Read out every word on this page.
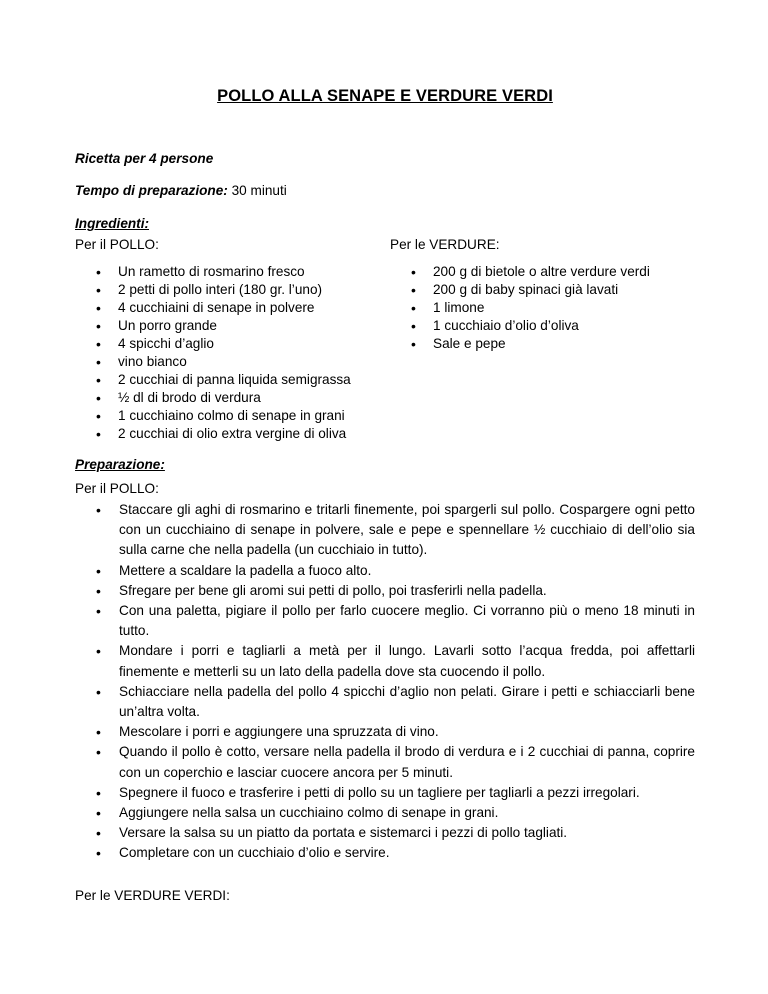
POLLO ALLA SENAPE E VERDURE VERDI
Ricetta per 4 persone
Tempo di preparazione: 30 minuti
Ingredienti:
Per il POLLO:
• Un rametto di rosmarino fresco
• 2 petti di pollo interi (180 gr. l’uno)
• 4 cucchiaini di senape in polvere
• Un porro grande
• 4 spicchi d’aglio
• vino bianco
• 2 cucchiai di panna liquida semigrassa
• ½ dl di brodo di verdura
• 1 cucchiaino colmo di senape in grani
• 2 cucchiai di olio extra vergine di oliva
Per le VERDURE:
• 200 g di bietole o altre verdure verdi
• 200 g di baby spinaci già lavati
• 1 limone
• 1 cucchiaio d’olio d’oliva
• Sale e pepe
Preparazione:
Per il POLLO:
• Staccare gli aghi di rosmarino e tritarli finemente, poi spargerli sul pollo. Cospargere ogni petto con un cucchiaino di senape in polvere, sale e pepe e spennellare ½ cucchiaio di dell’olio sia sulla carne che nella padella (un cucchiaio in tutto).
• Mettere a scaldare la padella a fuoco alto.
• Sfregare per bene gli aromi sui petti di pollo, poi trasferirli nella padella.
• Con una paletta, pigiare il pollo per farlo cuocere meglio. Ci vorranno più o meno 18 minuti in tutto.
• Mondare i porri e tagliarli a metà per il lungo. Lavarli sotto l’acqua fredda, poi affettarli finemente e metterli su un lato della padella dove sta cuocendo il pollo.
• Schiacciare nella padella del pollo 4 spicchi d’aglio non pelati. Girare i petti e schiacciarli bene un’altra volta.
• Mescolare i porri e aggiungere una spruzzata di vino.
• Quando il pollo è cotto, versare nella padella il brodo di verdura e i 2 cucchiai di panna, coprire con un coperchio e lasciar cuocere ancora per 5 minuti.
• Spegnere il fuoco e trasferire i petti di pollo su un tagliere per tagliarli a pezzi irregolari.
• Aggiungere nella salsa un cucchiaino colmo di senape in grani.
• Versare la salsa su un piatto da portata e sistemarci i pezzi di pollo tagliati.
• Completare con un cucchiaio d’olio e servire.
Per le VERDURE VERDI:
